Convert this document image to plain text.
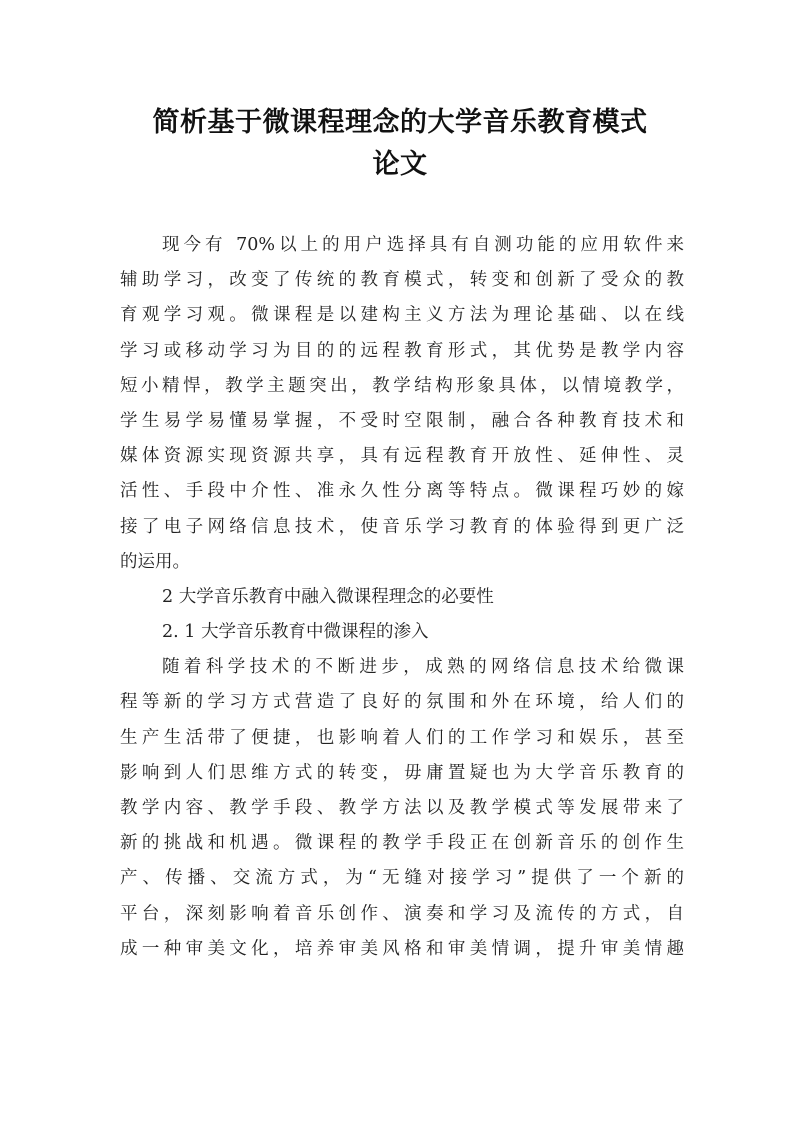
简析基于微课程理念的大学音乐教育模式
论文
现今有 70%以上的用户选择具有自测功能的应用软件来
辅助学习，改变了传统的教育模式，转变和创新了受众的教
育观学习观。微课程是以建构主义方法为理论基础、以在线
学习或移动学习为目的的远程教育形式，其优势是教学内容
短小精悍，教学主题突出，教学结构形象具体，以情境教学，
学生易学易懂易掌握，不受时空限制，融合各种教育技术和
媒体资源实现资源共享，具有远程教育开放性、延伸性、灵
活性、手段中介性、准永久性分离等特点。微课程巧妙的嫁
接了电子网络信息技术，使音乐学习教育的体验得到更广泛
的运用。
2 大学音乐教育中融入微课程理念的必要性
2. 1 大学音乐教育中微课程的渗入
随着科学技术的不断进步，成熟的网络信息技术给微课
程等新的学习方式营造了良好的氛围和外在环境，给人们的
生产生活带了便捷，也影响着人们的工作学习和娱乐，甚至
影响到人们思维方式的转变，毋庸置疑也为大学音乐教育的
教学内容、教学手段、教学方法以及教学模式等发展带来了
新的挑战和机遇。微课程的教学手段正在创新音乐的创作生
产、传播、交流方式，为“无缝对接学习”提供了一个新的
平台，深刻影响着音乐创作、演奏和学习及流传的方式，自
成一种审美文化，培养审美风格和审美情调，提升审美情趣
